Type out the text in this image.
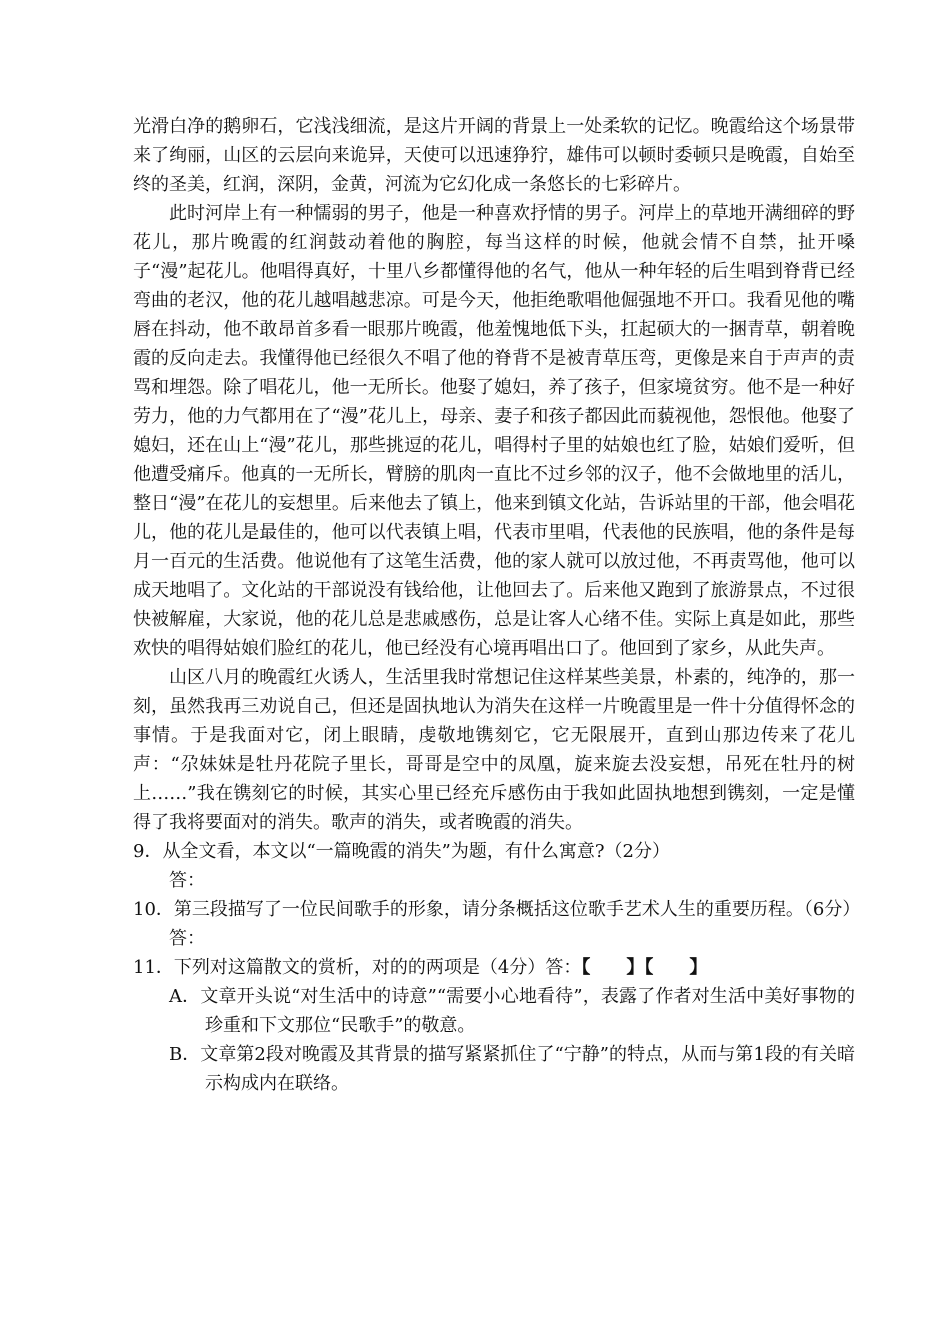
光滑白净的鹅卵石，它浅浅细流，是这片开阔的背景上一处柔软的记忆。晚霞给这个场景带来了绚丽，山区的云层向来诡异，天使可以迅速狰狞，雄伟可以顿时委顿只是晚霞，自始至终的圣美，红润，深阴，金黄，河流为它幻化成一条悠长的七彩碎片。

此时河岸上有一种懦弱的男子，他是一种喜欢抒情的男子。河岸上的草地开满细碎的野花儿，那片晚霞的红润鼓动着他的胸腔，每当这样的时候，他就会情不自禁，扯开嗓子“漫”起花儿。他唱得真好，十里八乡都懂得他的名气，他从一种年轻的后生唱到脊背已经弯曲的老汉，他的花儿越唱越悲凉。可是今天，他拒绝歌唱他倔强地不开口。我看见他的嘴唇在抖动，他不敢昂首多看一眼那片晚霞，他羞愧地低下头，扛起硕大的一捆青草，朝着晚霞的反向走去。我懂得他已经很久不唱了他的脊背不是被青草压弯，更像是来自于声声的责骂和埋怨。除了唱花儿，他一无所长。他娶了媳妇，养了孩子，但家境贫穷。他不是一种好劳力，他的力气都用在了“漫”花儿上，母亲、妻子和孩子都因此而藐视他，怨恨他。他娶了媳妇，还在山上“漫”花儿，那些挑逗的花儿，唱得村子里的姑娘也红了脸，姑娘们爱听，但他遭受痛斥。他真的一无所长，臂膀的肌肉一直比不过乡邻的汉子，他不会做地里的活儿，整日“漫”在花儿的妄想里。后来他去了镇上，他来到镇文化站，告诉站里的干部，他会唱花儿，他的花儿是最佳的，他可以代表镇上唱，代表市里唱，代表他的民族唱，他的条件是每月一百元的生活费。他说他有了这笔生活费，他的家人就可以放过他，不再责骂他，他可以成天地唱了。文化站的干部说没有钱给他，让他回去了。后来他又跑到了旅游景点，不过很快被解雇，大家说，他的花儿总是悲戚感伤，总是让客人心绪不佳。实际上真是如此，那些欢快的唱得姑娘们脸红的花儿，他已经没有心境再唱出口了。他回到了家乡，从此失声。

山区八月的晚霞红火诱人，生活里我时常想记住这样某些美景，朴素的，纯净的，那一刻，虽然我再三劝说自己，但还是固执地认为消失在这样一片晚霞里是一件十分值得怀念的事情。于是我面对它，闭上眼睛，虔敬地镌刻它，它无限展开，直到山那边传来了花儿声：“尕妹妹是牡丹花院子里长，哥哥是空中的凤凰，旋来旋去没妄想，吊死在牡丹的树上……”我在镌刻它的时候，其实心里已经充斥感伤由于我如此固执地想到镌刻，一定是懂得了我将要面对的消失。歌声的消失，或者晚霞的消失。

9．从全文看，本文以“一篇晚霞的消失”为题，有什么寓意?（2分）

答：

10．第三段描写了一位民间歌手的形象，请分条概括这位歌手艺术人生的重要历程。（6分）

答：

11．下列对这篇散文的赏析，对的的两项是（4分）答：【　　】【　　】

A．文章开头说“对生活中的诗意”“需要小心地看待”，表露了作者对生活中美好事物的珍重和下文那位“民歌手”的敬意。

B．文章第2段对晚霞及其背景的描写紧紧抓住了“宁静”的特点，从而与第1段的有关暗示构成内在联络。
